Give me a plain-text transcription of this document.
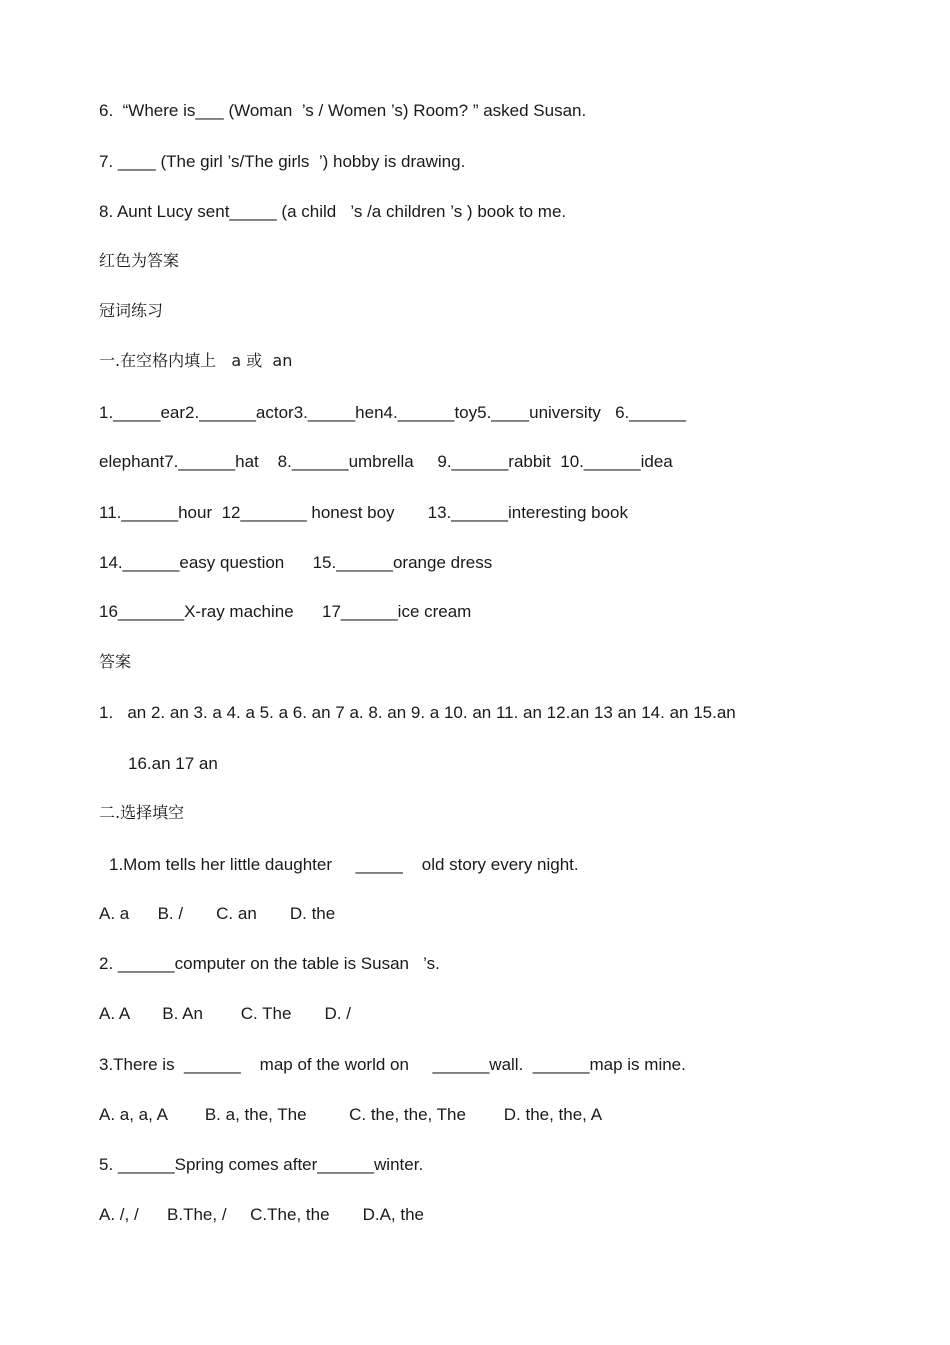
6.  “Where is___ (Woman  ’s / Women ’s) Room? ” asked Susan.
7. ____ (The girl ’s/The girls  ’) hobby is drawing.
8. Aunt Lucy sent_____ (a child   ’s /a children ’s ) book to me.
红色为答案
冠词练习
一.在空格内填上   a 或  an
1._____ear2.______actor3._____hen4.______toy5.____university   6.______
elephant7.______hat    8.______umbrella     9.______rabbit  10.______idea
11.______hour  12_______ honest boy       13.______interesting book
14.______easy question      15.______orange dress
16_______X-ray machine      17______ice cream
答案
1.   an 2. an 3. a 4. a 5. a 6. an 7 a. 8. an 9. a 10. an 11. an 12.an 13 an 14. an 15.an
16.an 17 an
二.选择填空
1.Mom tells her little daughter     _____    old story every night.
A. a      B. /       C. an       D. the
2. ______computer on the table is Susan   ’s.
A. A       B. An        C. The       D. /
3.There is  ______    map of the world on     ______wall.  ______map is mine.
A. a, a, A        B. a, the, The         C. the, the, The        D. the, the, A
5. ______Spring comes after______winter.
A. /, /      B.The, /     C.The, the       D.A, the
